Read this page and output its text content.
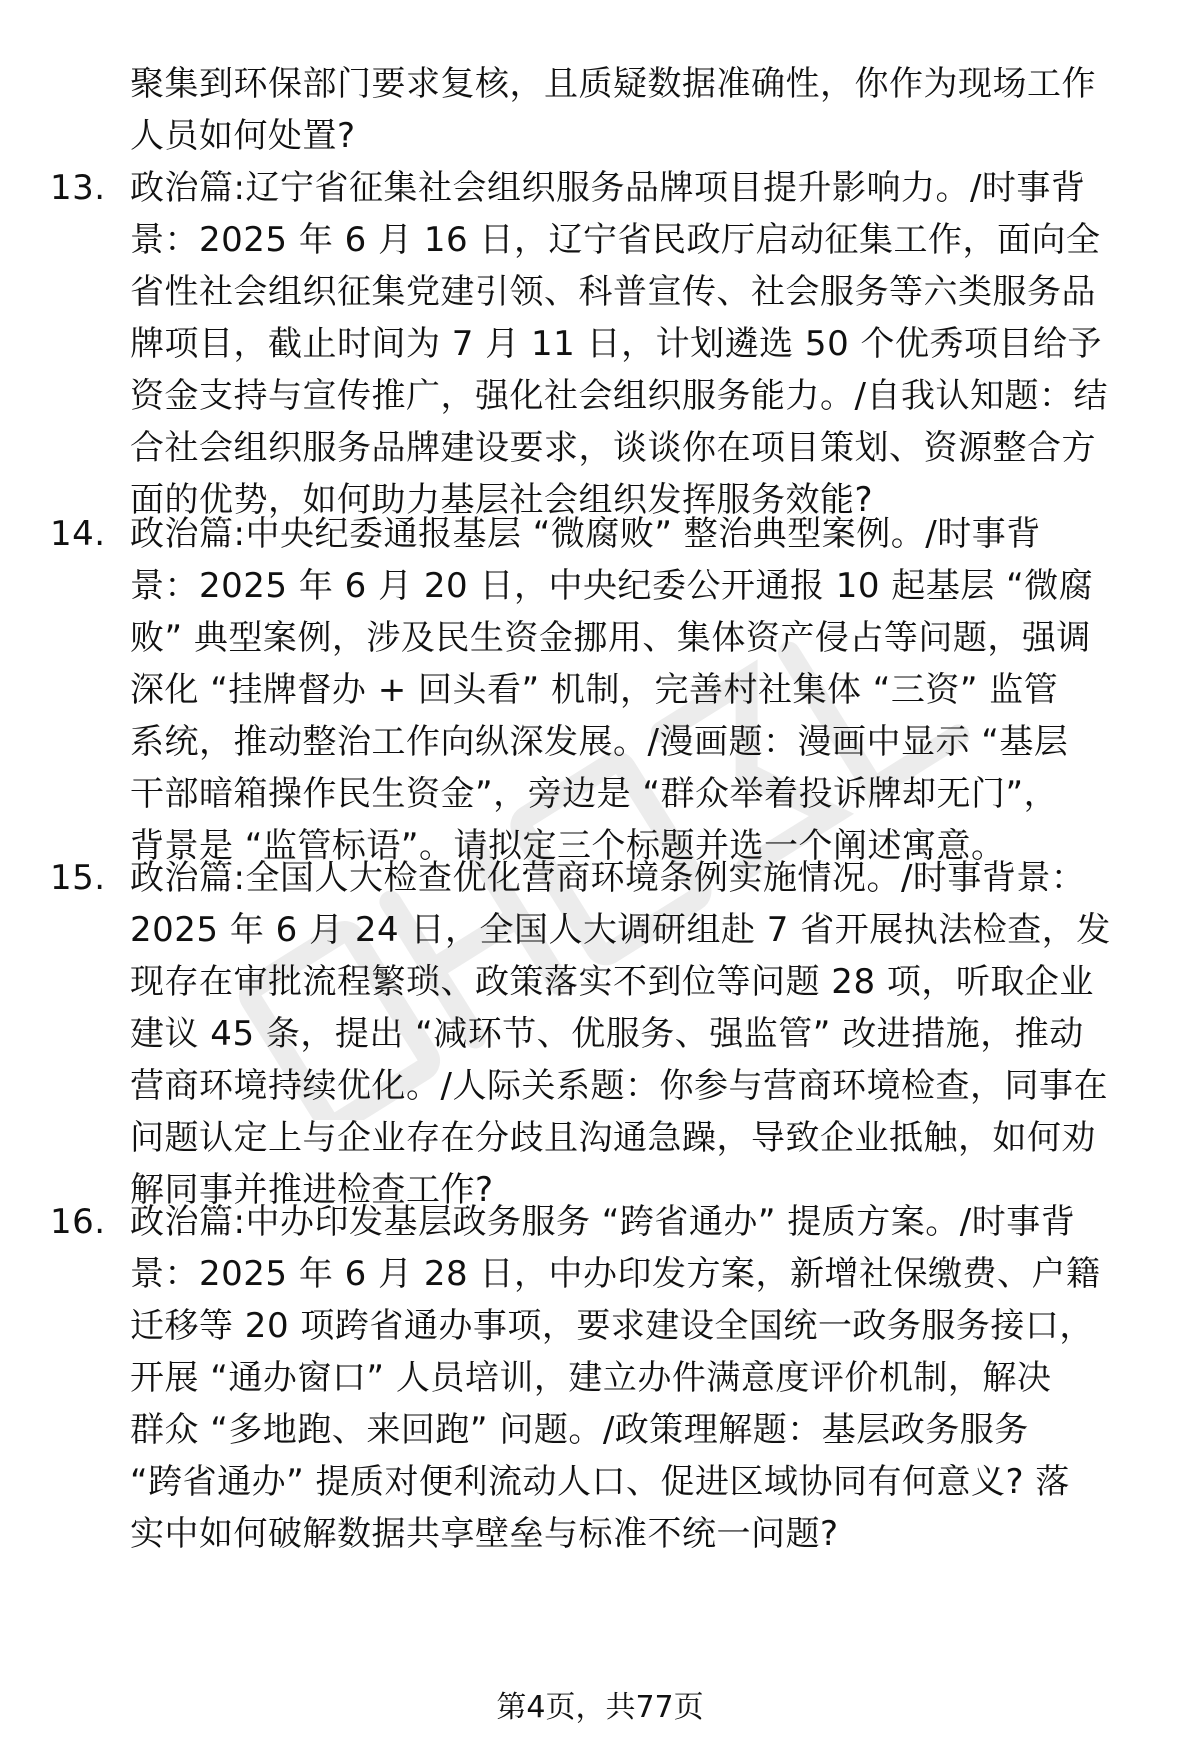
聚集到环保部门要求复核，且质疑数据准确性，你作为现场工作
人员如何处置?
13. 政治篇:辽宁省征集社会组织服务品牌项目提升影响力。/时事背
景：2025 年 6 月 16 日，辽宁省民政厅启动征集工作，面向全
省性社会组织征集党建引领、科普宣传、社会服务等六类服务品
牌项目，截止时间为 7 月 11 日，计划遴选 50 个优秀项目给予
资金支持与宣传推广，强化社会组织服务能力。/自我认知题：结
合社会组织服务品牌建设要求，谈谈你在项目策划、资源整合方
面的优势，如何助力基层社会组织发挥服务效能?
14. 政治篇:中央纪委通报基层 “微腐败” 整治典型案例。/时事背
景：2025 年 6 月 20 日，中央纪委公开通报 10 起基层 “微腐
败” 典型案例，涉及民生资金挪用、集体资产侵占等问题，强调
深化 “挂牌督办 + 回头看” 机制，完善村社集体 “三资” 监管
系统，推动整治工作向纵深发展。/漫画题：漫画中显示 “基层
干部暗箱操作民生资金”，旁边是 “群众举着投诉牌却无门”，
背景是 “监管标语”。请拟定三个标题并选一个阐述寓意。
15. 政治篇:全国人大检查优化营商环境条例实施情况。/时事背景：
2025 年 6 月 24 日，全国人大调研组赴 7 省开展执法检查，发
现存在审批流程繁琐、政策落实不到位等问题 28 项，听取企业
建议 45 条，提出 “减环节、优服务、强监管” 改进措施，推动
营商环境持续优化。/人际关系题：你参与营商环境检查，同事在
问题认定上与企业存在分歧且沟通急躁，导致企业抵触，如何劝
解同事并推进检查工作?
16. 政治篇:中办印发基层政务服务 “跨省通办” 提质方案。/时事背
景：2025 年 6 月 28 日，中办印发方案，新增社保缴费、户籍
迁移等 20 项跨省通办事项，要求建设全国统一政务服务接口，
开展 “通办窗口” 人员培训，建立办件满意度评价机制，解决
群众 “多地跑、来回跑” 问题。/政策理解题：基层政务服务
“跨省通办” 提质对便利流动人口、促进区域协同有何意义? 落
实中如何破解数据共享壁垒与标准不统一问题?
第4页，共77页
